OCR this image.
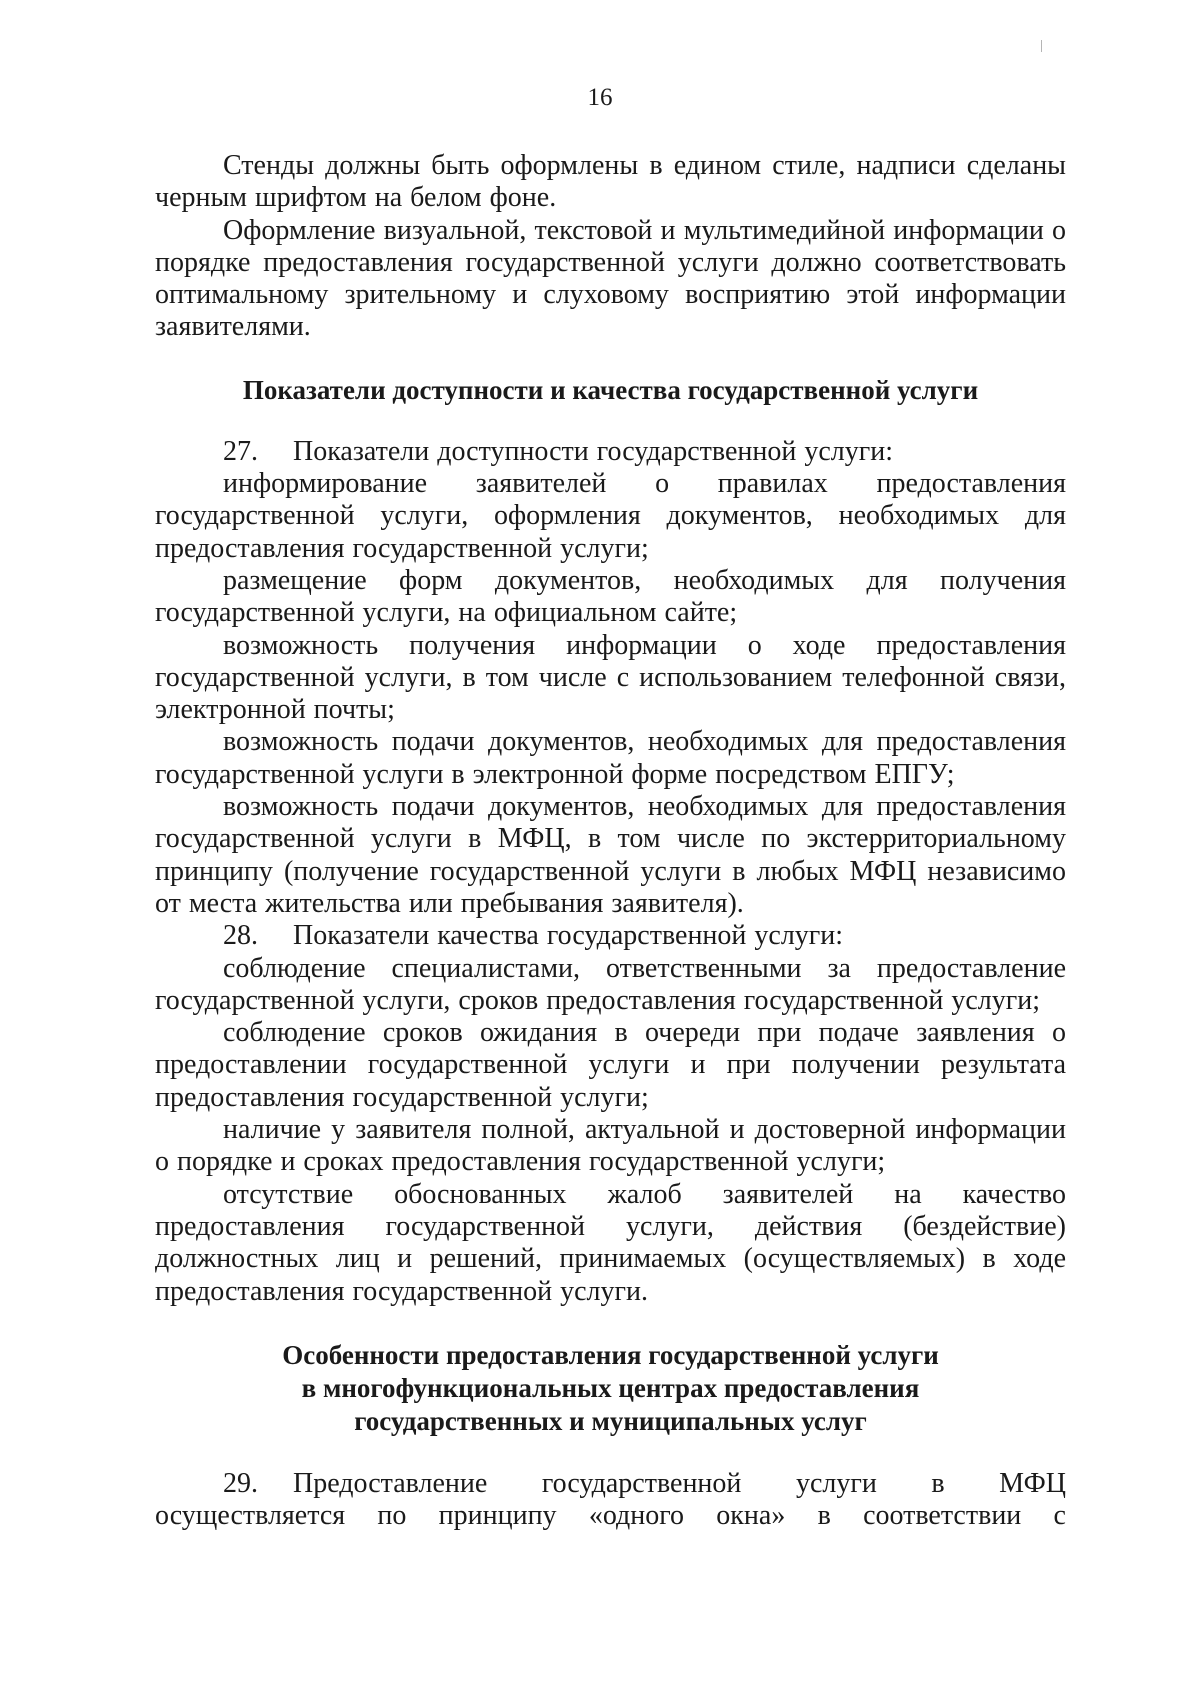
16

Стенды должны быть оформлены в едином стиле, надписи сделаны черным шрифтом на белом фоне.

Оформление визуальной, текстовой и мультимедийной информации о порядке предоставления государственной услуги должно соответствовать оптимальному зрительному и слуховому восприятию этой информации заявителями.

Показатели доступности и качества государственной услуги

27. Показатели доступности государственной услуги:

информирование заявителей о правилах предоставления государственной услуги, оформления документов, необходимых для предоставления государственной услуги;

размещение форм документов, необходимых для получения государственной услуги, на официальном сайте;

возможность получения информации о ходе предоставления государственной услуги, в том числе с использованием телефонной связи, электронной почты;

возможность подачи документов, необходимых для предоставления государственной услуги в электронной форме посредством ЕПГУ;

возможность подачи документов, необходимых для предоставления государственной услуги в МФЦ, в том числе по экстерриториальному принципу (получение государственной услуги в любых МФЦ независимо от места жительства или пребывания заявителя).

28. Показатели качества государственной услуги:

соблюдение специалистами, ответственными за предоставление государственной услуги, сроков предоставления государственной услуги;

соблюдение сроков ожидания в очереди при подаче заявления о предоставлении государственной услуги и при получении результата предоставления государственной услуги;

наличие у заявителя полной, актуальной и достоверной информации о порядке и сроках предоставления государственной услуги;

отсутствие обоснованных жалоб заявителей на качество предоставления государственной услуги, действия (бездействие) должностных лиц и решений, принимаемых (осуществляемых) в ходе предоставления государственной услуги.

Особенности предоставления государственной услуги

в многофункциональных центрах предоставления

государственных и муниципальных услуг

29. Предоставление государственной услуги в МФЦ осуществляется по принципу «одного окна» в соответствии с
